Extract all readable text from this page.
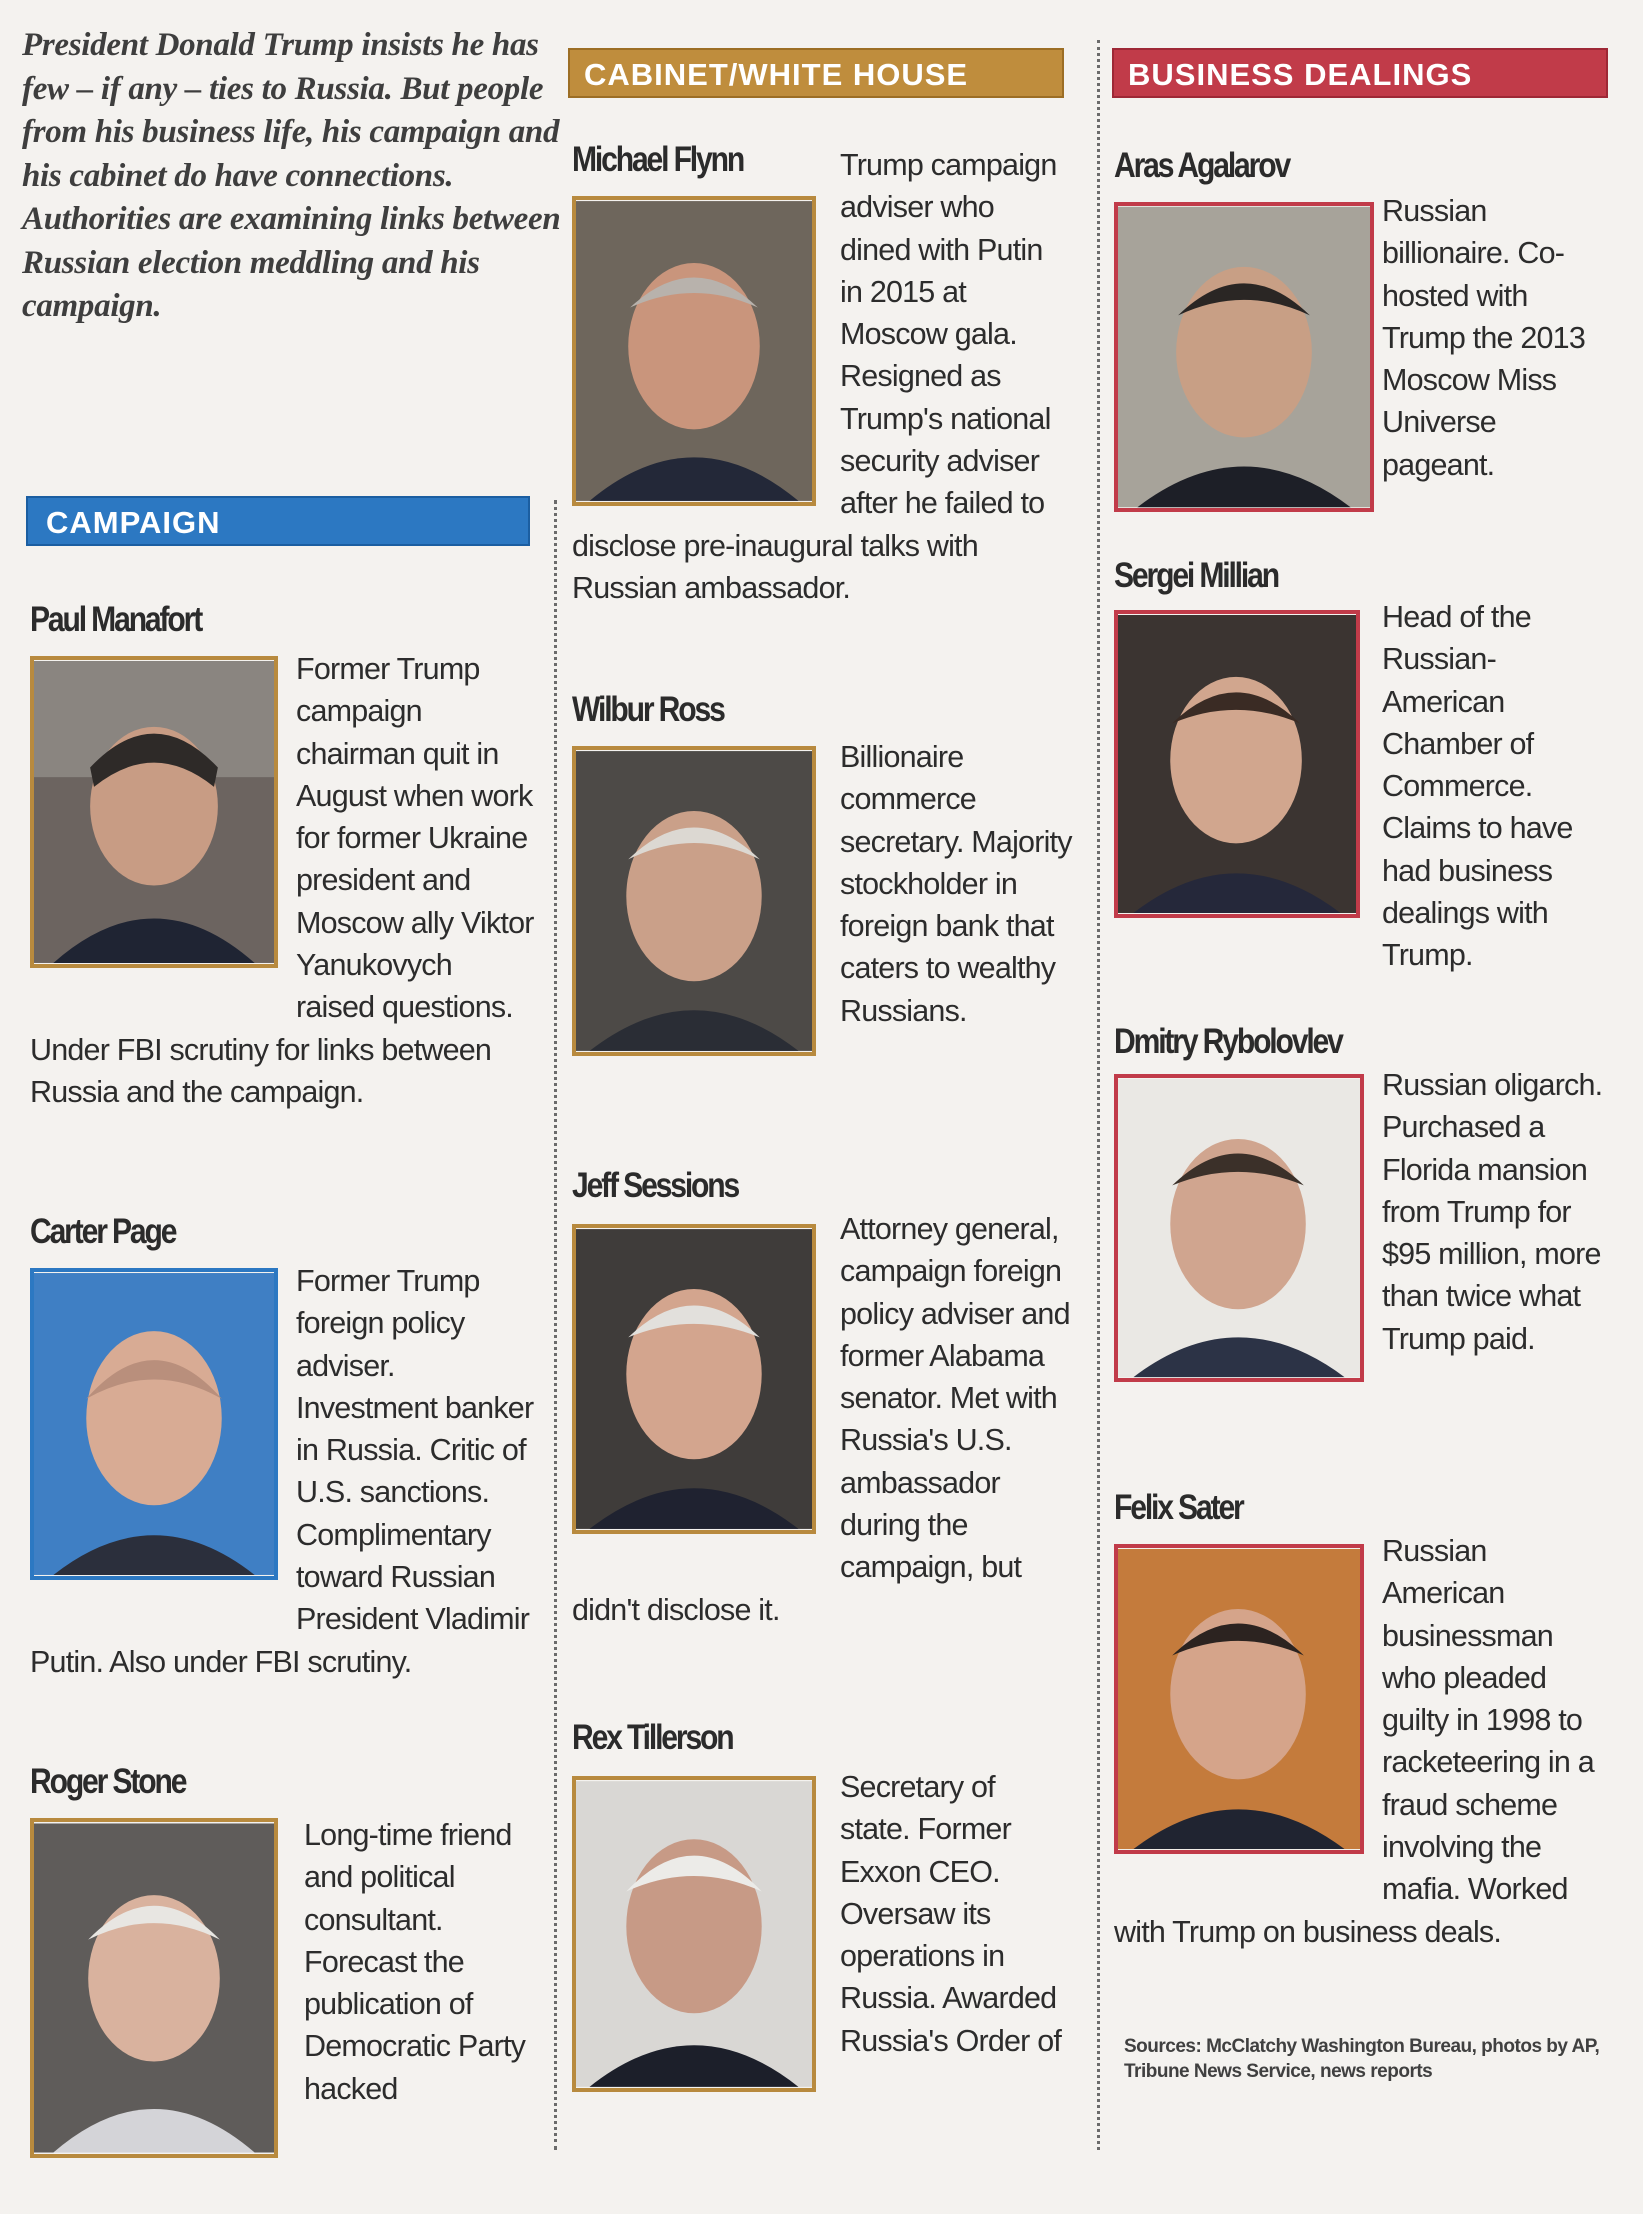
President Donald Trump insists he has few – if any – ties to Russia. But people from his business life, his campaign and his cabinet do have connections. Authorities are examining links between Russian election meddling and his campaign.

CAMPAIGN
CABINET/WHITE HOUSE	BUSINESS DEALINGS
Paul Manafort

Former Trump campaign chairman quit in August when work for former Ukraine president and Moscow ally Viktor Yanukovych raised questions. Under FBI scrutiny for links between Russia and the campaign.

Carter Page

Former Trump foreign policy adviser. Investment banker in Russia. Critic of U.S. sanctions. Complimentary toward Russian President Vladimir Putin. Also under FBI scrutiny.

Roger Stone

Long-time friend and political consultant. Forecast the publication of Democratic Party hacked

Michael Flynn	Trump campaign adviser who dined with Putin in 2015 at Moscow gala. Resigned as Trump's national security adviser after he failed to disclose pre-inaugural talks with Russian ambassador.

Wilbur Ross

Billionaire commerce secretary. Majority stockholder in foreign bank that caters to wealthy Russians.

Jeff Sessions

Attorney general, campaign foreign policy adviser and former Alabama senator. Met with Russia's U.S. ambassador during the campaign, but didn't disclose it.

Rex Tillerson

Secretary of state. Former Exxon CEO. Oversaw its operations in Russia. Awarded Russia's Order of

Aras Agalarov

Russian billionaire. Co-hosted with Trump the 2013 Moscow Miss Universe pageant.

Sergei Millian

Head of the Russian-American Chamber of Commerce. Claims to have had business dealings with Trump.

Dmitry Rybolovlev

Russian oligarch. Purchased a Florida mansion from Trump for $95 million, more than twice what Trump paid.

Felix Sater

Russian American businessman who pleaded guilty in 1998 to racketeering in a fraud scheme involving the mafia. Worked with Trump on business deals.

Sources: McClatchy Washington Bureau, photos by AP, Tribune News Service, news reports
